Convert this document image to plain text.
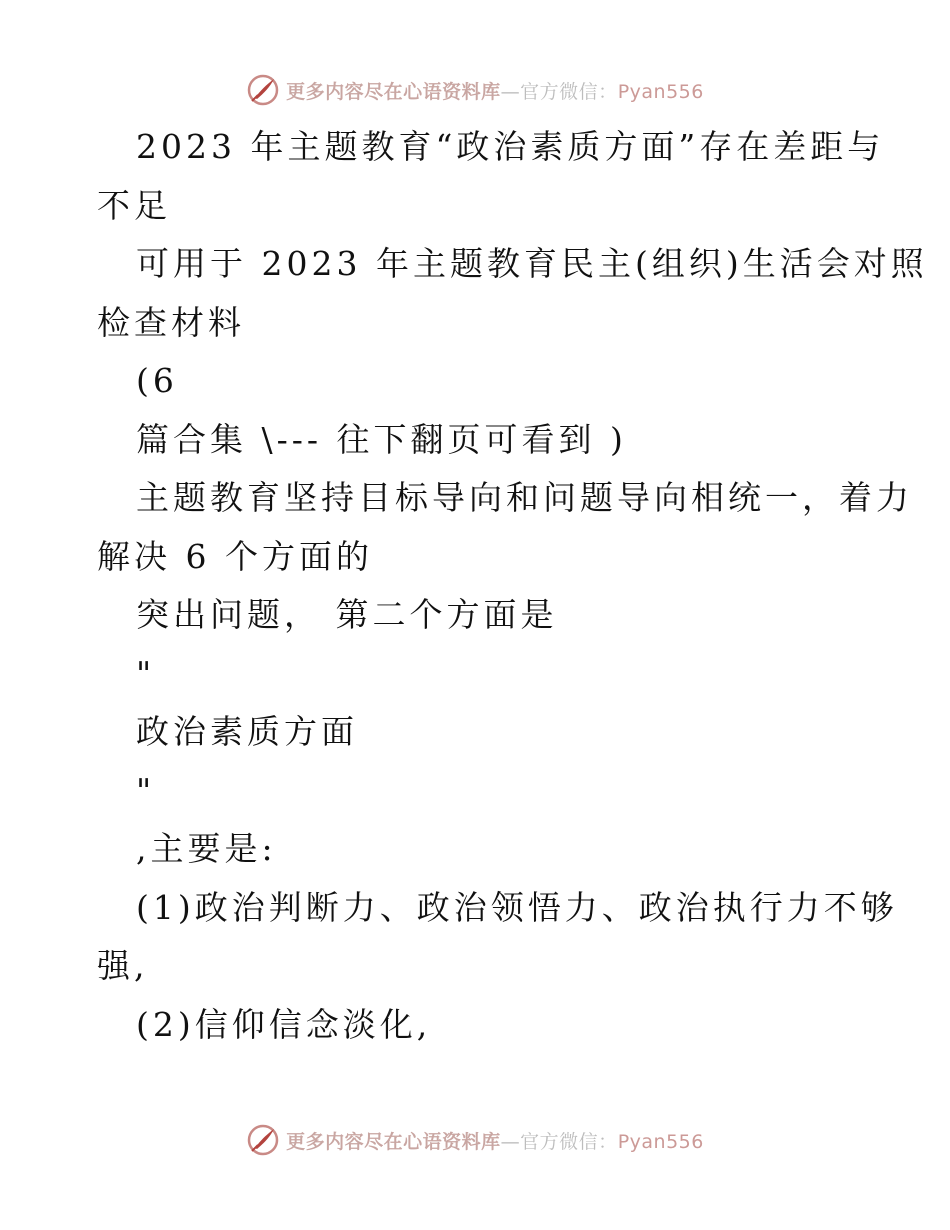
更多内容尽在心语资料库—官方微信：Pyan556
2023 年主题教育“政治素质方面”存在差距与
不足
可用于 2023 年主题教育民主(组织)生活会对照
检查材料
(6
篇合集 \--- 往下翻页可看到 )
主题教育坚持目标导向和问题导向相统一，着力
解决 6 个方面的
突出问题， 第二个方面是
"
政治素质方面
"
,主要是:
(1)政治判断力、政治领悟力、政治执行力不够
强,
(2)信仰信念淡化,
更多内容尽在心语资料库—官方微信：Pyan556
